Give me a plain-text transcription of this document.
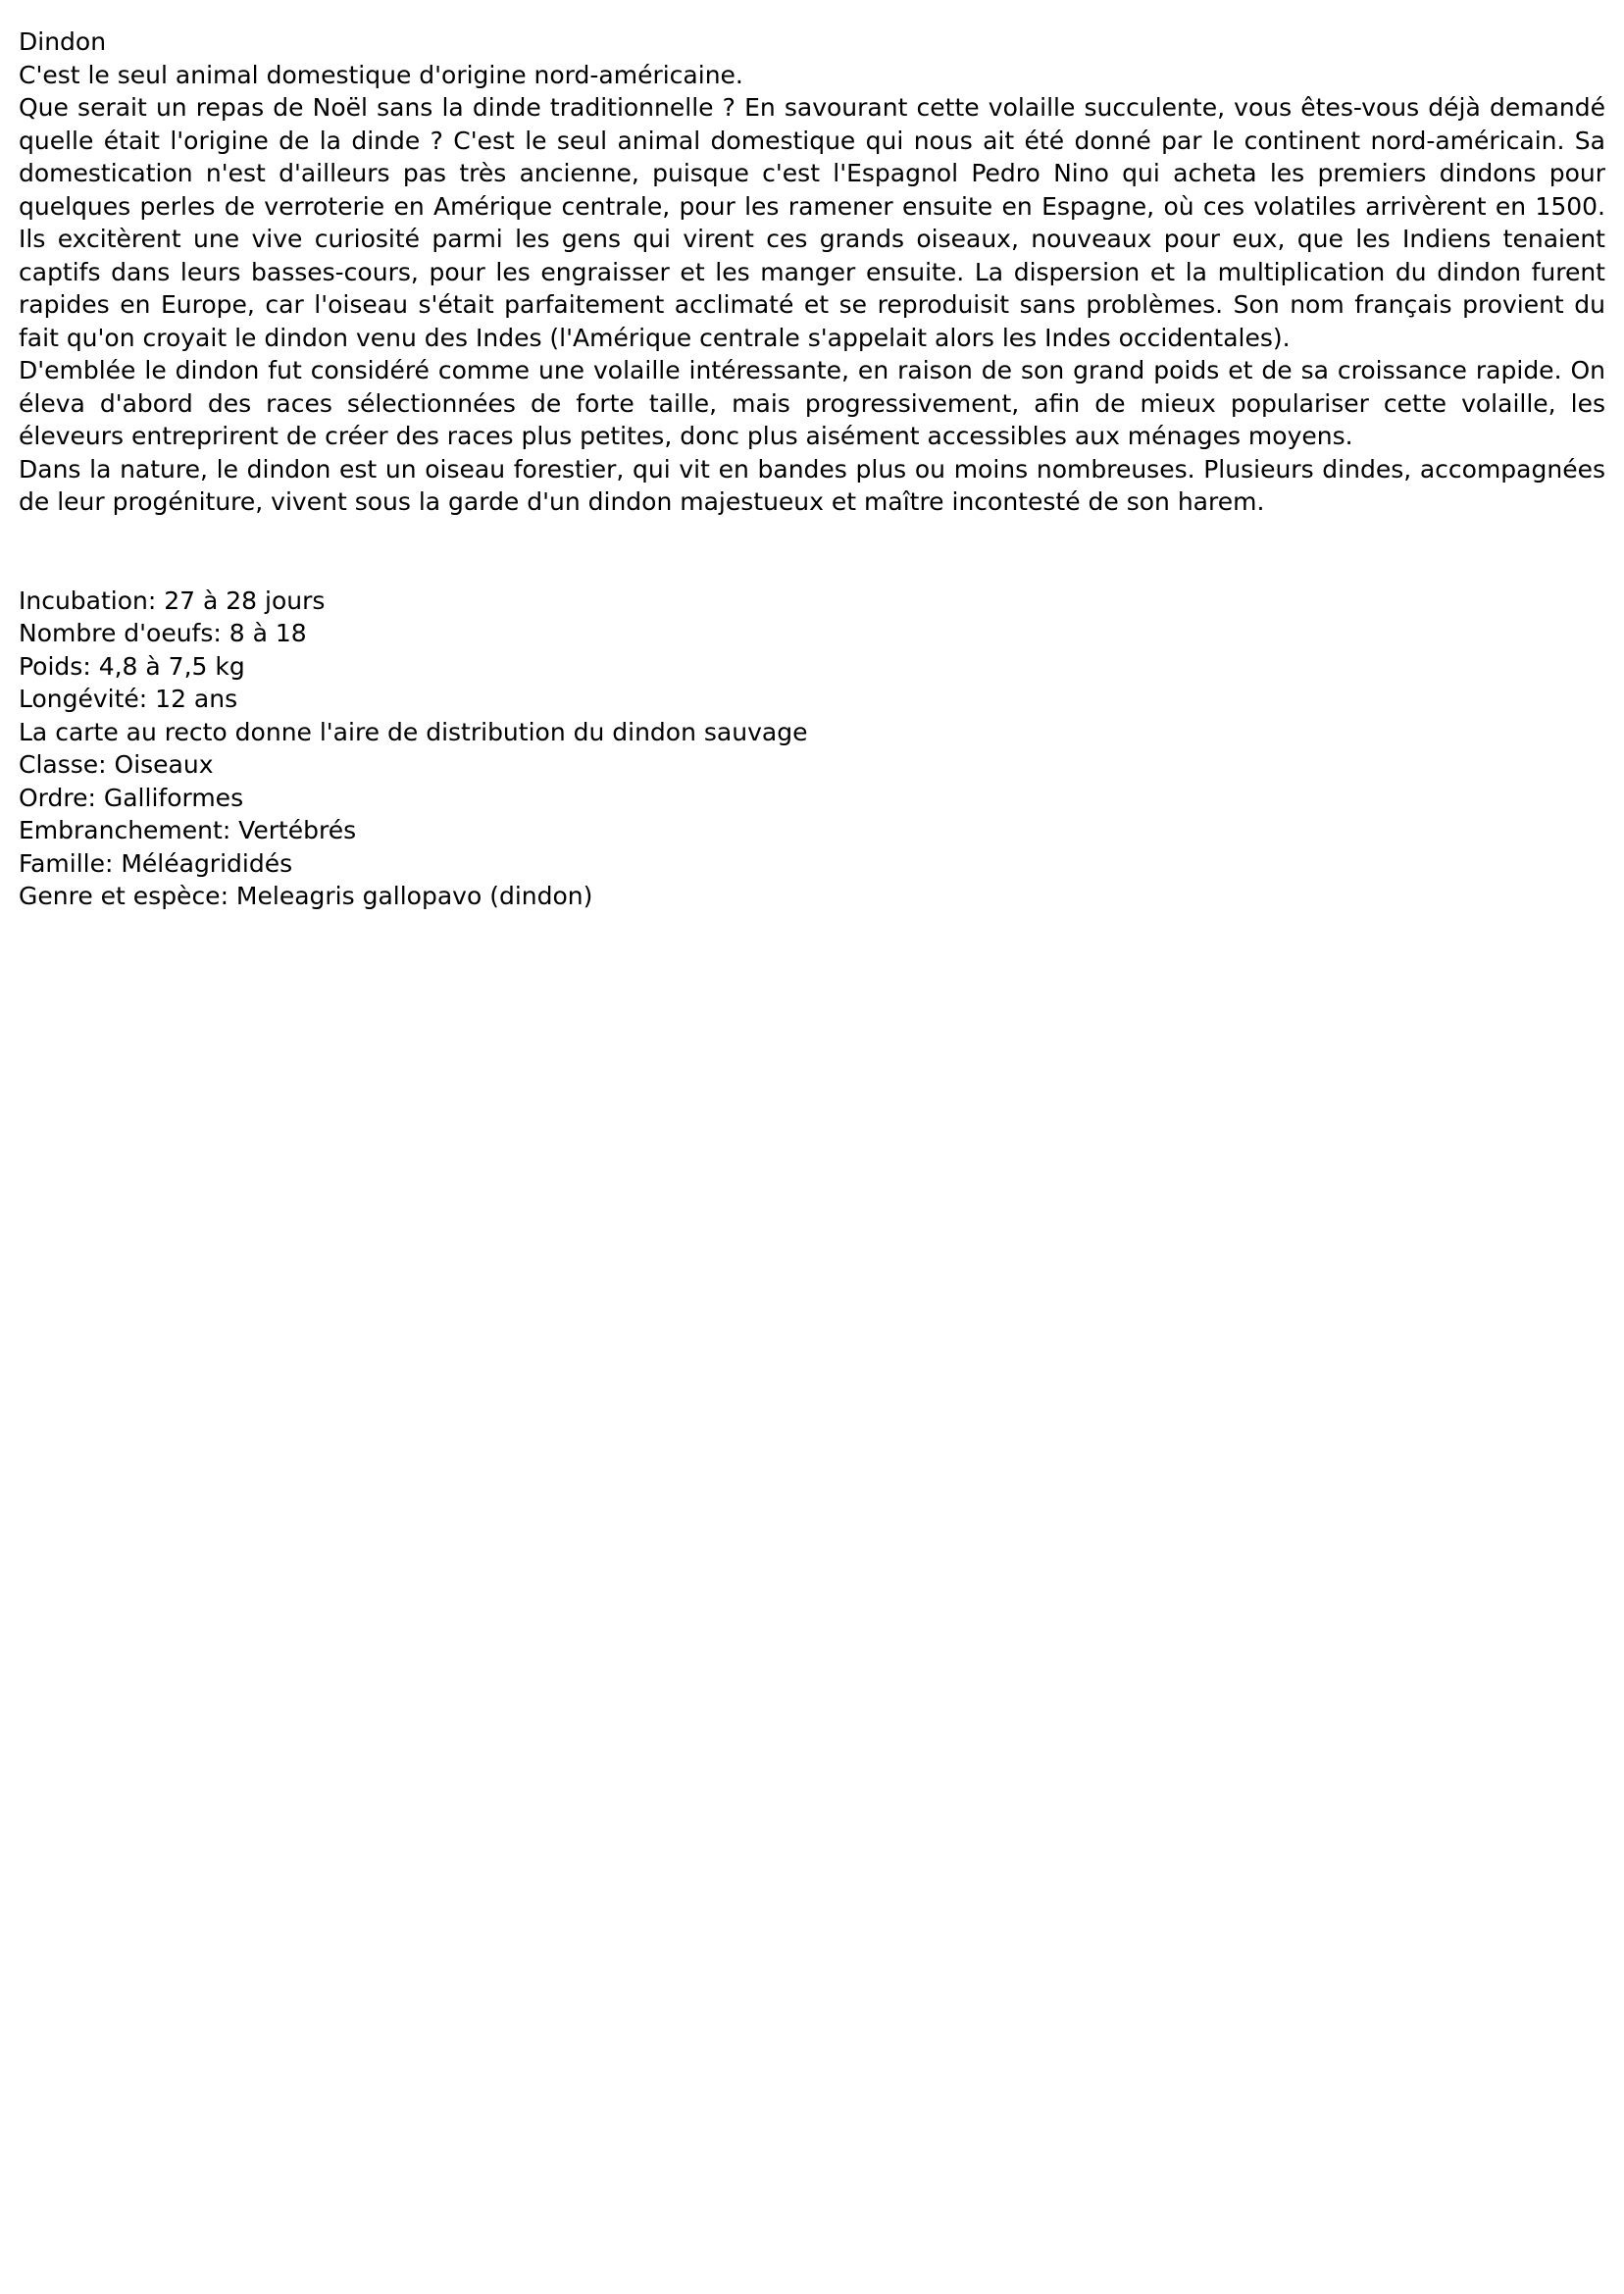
Dindon

C'est le seul animal domestique d'origine nord-américaine.

Que serait un repas de Noël sans la dinde traditionnelle ? En savourant cette volaille succulente, vous êtes-vous déjà demandé quelle était l'origine de la dinde ? C'est le seul animal domestique qui nous ait été donné par le continent nord-américain. Sa domestication n'est d'ailleurs pas très ancienne, puisque c'est l'Espagnol Pedro Nino qui acheta les premiers dindons pour quelques perles de verroterie en Amérique centrale, pour les ramener ensuite en Espagne, où ces volatiles arrivèrent en 1500. Ils excitèrent une vive curiosité parmi les gens qui virent ces grands oiseaux, nouveaux pour eux, que les Indiens tenaient captifs dans leurs basses-cours, pour les engraisser et les manger ensuite. La dispersion et la multiplication du dindon furent rapides en Europe, car l'oiseau s'était parfaitement acclimaté et se reproduisit sans problèmes. Son nom français provient du fait qu'on croyait le dindon venu des Indes (l'Amérique centrale s'appelait alors les Indes occidentales).

D'emblée le dindon fut considéré comme une volaille intéressante, en raison de son grand poids et de sa croissance rapide. On éleva d'abord des races sélectionnées de forte taille, mais progressivement, afin de mieux populariser cette volaille, les éleveurs entreprirent de créer des races plus petites, donc plus aisément accessibles aux ménages moyens.

Dans la nature, le dindon est un oiseau forestier, qui vit en bandes plus ou moins nombreuses. Plusieurs dindes, accompagnées de leur progéniture, vivent sous la garde d'un dindon majestueux et maître incontesté de son harem.

Incubation: 27 à 28 jours

Nombre d'oeufs: 8 à 18

Poids: 4,8 à 7,5 kg

Longévité: 12 ans

La carte au recto donne l'aire de distribution du dindon sauvage

Classe: Oiseaux

Ordre: Galliformes

Embranchement: Vertébrés

Famille: Méléagrididés

Genre et espèce: Meleagris gallopavo (dindon)
